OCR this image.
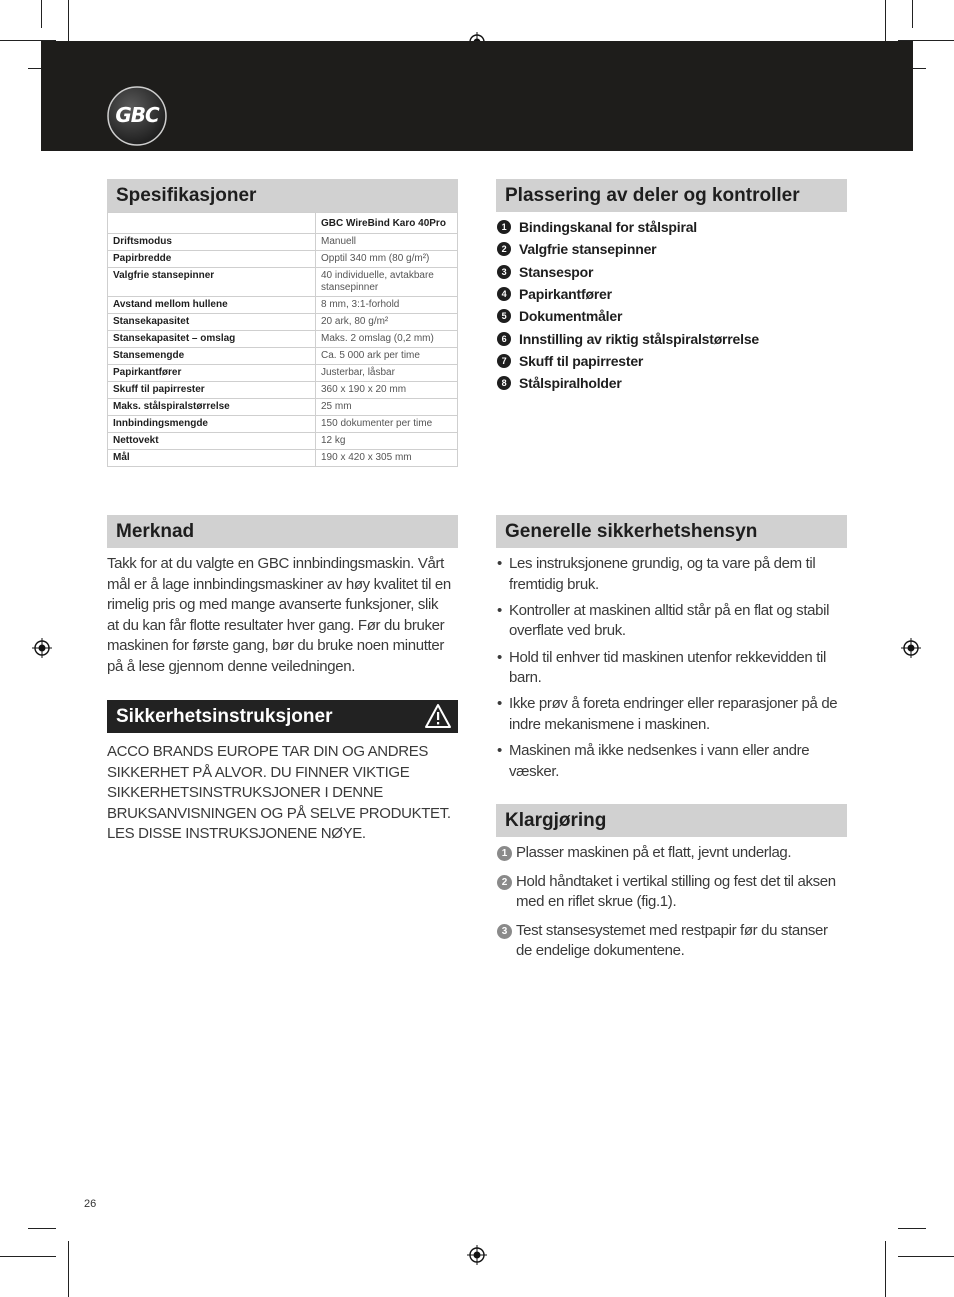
GBC
Spesifikasjoner
	GBC WireBind Karo 40Pro
Driftsmodus	Manuell
Papirbredde	Opptil 340 mm (80 g/m²)
Valgfrie stansepinner	40 individuelle, avtakbare stansepinner
Avstand mellom hullene	8 mm, 3:1-forhold
Stansekapasitet	20 ark, 80 g/m²
Stansekapasitet – omslag	Maks. 2 omslag (0,2 mm)
Stansemengde	Ca. 5 000 ark per time
Papirkantfører	Justerbar, låsbar
Skuff til papirrester	360 x 190 x 20 mm
Maks. stålspiralstørrelse	25 mm
Innbindingsmengde	150 dokumenter per time
Nettovekt	12 kg
Mål	190 x 420 x 305 mm
Plassering av deler og kontroller
1 Bindingskanal for stålspiral
2 Valgfrie stansepinner
3 Stansespor
4 Papirkantfører
5 Dokumentmåler
6 Innstilling av riktig stålspiralstørrelse
7 Skuff til papirrester
8 Stålspiralholder
Merknad

Takk for at du valgte en GBC innbindingsmaskin. Vårt mål er å lage innbindingsmaskiner av høy kvalitet til en rimelig pris og med mange avanserte funksjoner, slik at du kan får flotte resultater hver gang. Før du bruker maskinen for første gang, bør du bruke noen minutter på å lese gjennom denne veiledningen.

Sikkerhetsinstruksjoner

ACCO BRANDS EUROPE TAR DIN OG ANDRES SIKKERHET PÅ ALVOR. DU FINNER VIKTIGE SIKKERHETSINSTRUKSJONER I DENNE BRUKSANVISNINGEN OG PÅ SELVE PRODUKTET. LES DISSE INSTRUKSJONENE NØYE.

Generelle sikkerhetshensyn
• Les instruksjonene grundig, og ta vare på dem til fremtidig bruk.
• Kontroller at maskinen alltid står på en flat og stabil overflate ved bruk.
• Hold til enhver tid maskinen utenfor rekkevidden til barn.
• Ikke prøv å foreta endringer eller reparasjoner på de indre mekanismene i maskinen.
• Maskinen må ikke nedsenkes i vann eller andre væsker.
Klargjøring
1 Plasser maskinen på et flatt, jevnt underlag.
2 Hold håndtaket i vertikal stilling og fest det til aksen med en riflet skrue (fig.1).
3 Test stansesystemet med restpapir før du stanser de endelige dokumentene.
26
